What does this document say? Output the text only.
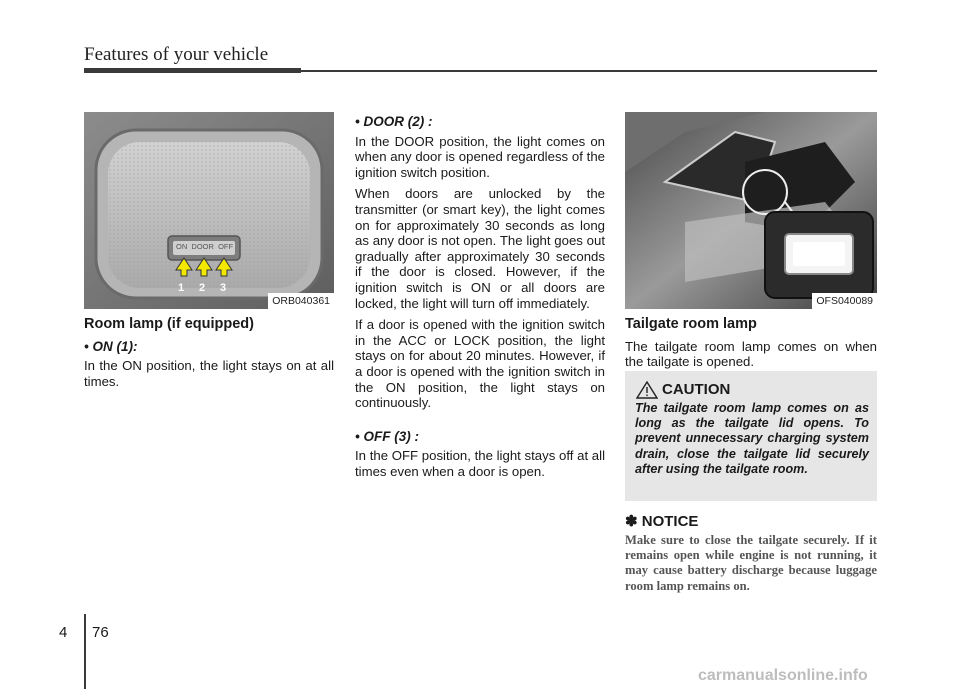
Features of your vehicle
ON  DOOR  OFF
1 2 3
ORB040361
Room lamp (if equipped)
• ON (1):

In the ON position, the light stays on at all times.

• DOOR (2) :

In the DOOR position, the light comes on when any door is opened regardless of the ignition switch position.

When doors are unlocked by the transmitter (or smart key), the light comes on for approximately 30 seconds as long as any door is not open. The light goes out gradually after approximately 30 seconds if the door is closed. However, if the ignition switch is ON or all doors are locked, the light will turn off immediately.

If a door is opened with the ignition switch in the ACC or LOCK position, the light stays on for about 20 minutes. However, if a door is opened with the ignition switch in the ON position, the light stays on continuously.

• OFF (3) :

In the OFF position, the light stays off at all times even when a door is open.

OFS040089
Tailgate room lamp

The tailgate room lamp comes on when the tailgate is opened.

CAUTION
The tailgate room lamp comes on as long as the tailgate lid opens. To prevent unnecessary charging system drain, close the tailgate lid securely after using the tailgate room.
✽ NOTICE
Make sure to close the tailgate securely. If it remains open while engine is not running, it may cause battery discharge because luggage room lamp remains on.
4 76
carmanualsonline.info
